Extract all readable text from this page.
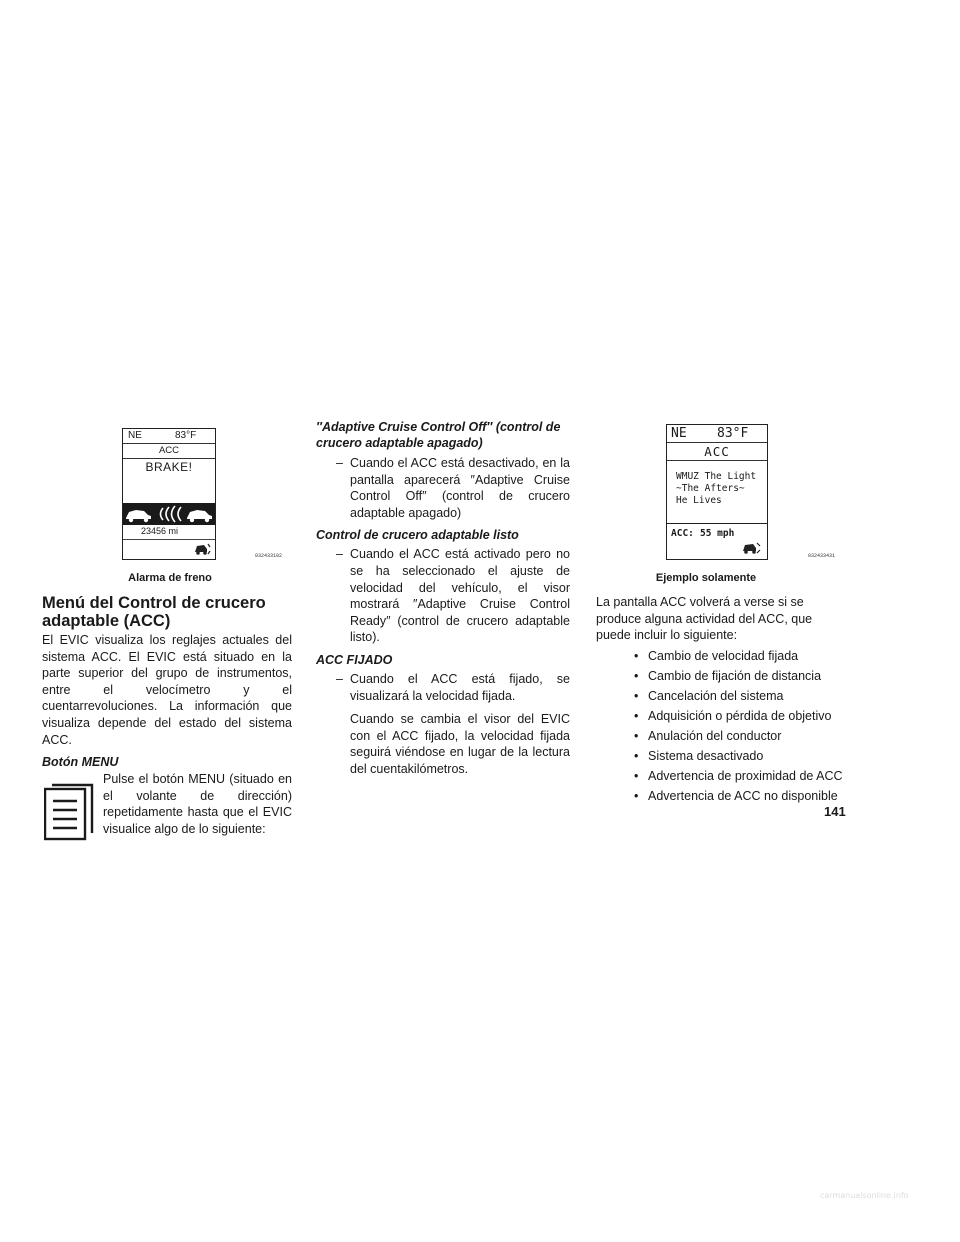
NE	83°F
ACC
BRAKE!
23456 mi
032433102
Alarma de freno
Menú del Control de crucero adaptable (ACC)

El EVIC visualiza los reglajes actuales del sistema ACC. El EVIC está situado en la parte superior del grupo de instrumentos, entre el velocímetro y el cuentarrevoluciones. La información que visualiza depende del estado del sistema ACC.

Botón MENU

Pulse el botón MENU (situado en el volante de dirección) repetidamente hasta que el EVIC visualice algo de lo siguiente:

″Adaptive Cruise Control Off″ (control de crucero adaptable apagado)

– Cuando el ACC está desactivado, en la pantalla aparecerá ″Adaptive Cruise Control Off″ (control de crucero adaptable apagado)

Control de crucero adaptable listo

– Cuando el ACC está activado pero no se ha seleccionado el ajuste de velocidad del vehículo, el visor mostrará ″Adaptive Cruise Control Ready″ (control de crucero adaptable listo).

ACC FIJADO

– Cuando el ACC está fijado, se visualizará la velocidad fijada.

Cuando se cambia el visor del EVIC con el ACC fijado, la velocidad fijada seguirá viéndose en lugar de la lectura del cuentakilómetros.

NE 83°F
ACC
WMUZ The Light
~The Afters~
He Lives
ACC: 55 mph
032433431
Ejemplo solamente

La pantalla ACC volverá a verse si se produce alguna actividad del ACC, que puede incluir lo siguiente:

• Cambio de velocidad fijada
• Cambio de fijación de distancia
• Cancelación del sistema
• Adquisición o pérdida de objetivo
• Anulación del conductor
• Sistema desactivado
• Advertencia de proximidad de ACC
• Advertencia de ACC no disponible
141
carmanualsonline.info
